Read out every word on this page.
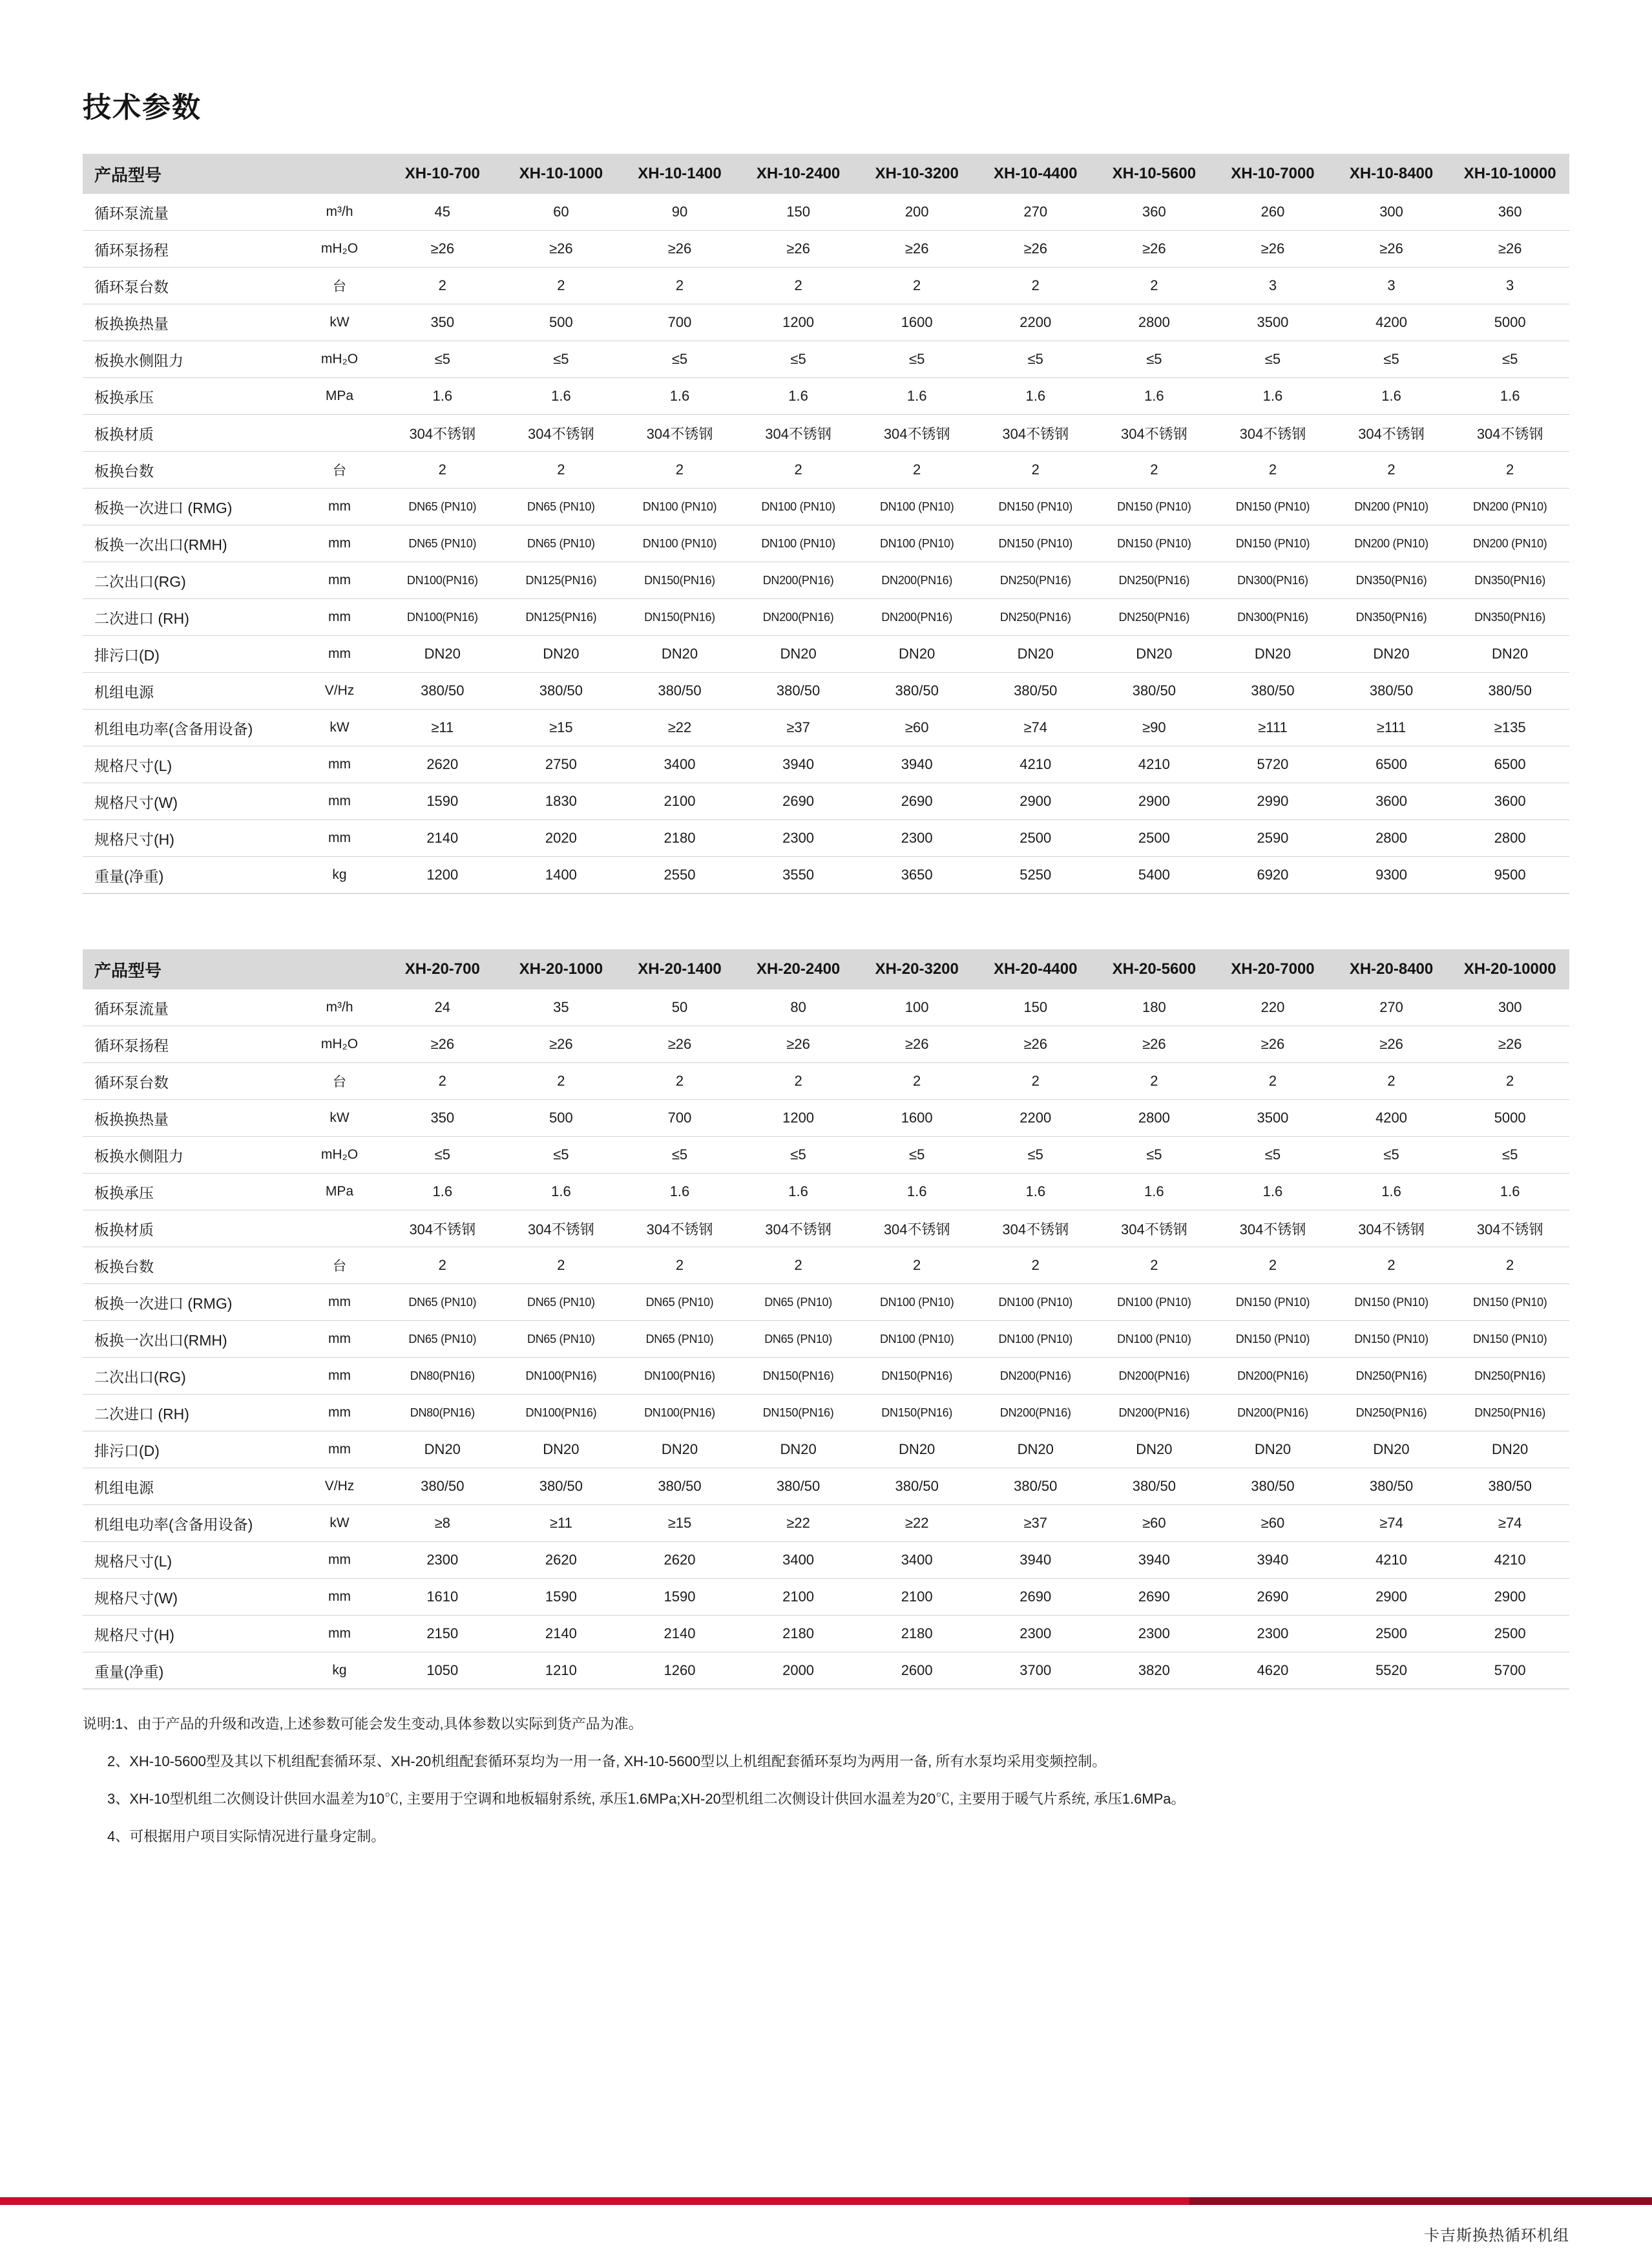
技术参数
产品型号		XH-10-700	XH-10-1000	XH-10-1400	XH-10-2400	XH-10-3200	XH-10-4400	XH-10-5600	XH-10-7000	XH-10-8400	XH-10-10000
循环泵流量	m³/h	45	60	90	150	200	270	360	260	300	360
循环泵扬程	mH₂O	≥26	≥26	≥26	≥26	≥26	≥26	≥26	≥26	≥26	≥26
循环泵台数	台	2	2	2	2	2	2	2	3	3	3
板换换热量	kW	350	500	700	1200	1600	2200	2800	3500	4200	5000
板换水侧阻力	mH₂O	≤5	≤5	≤5	≤5	≤5	≤5	≤5	≤5	≤5	≤5
板换承压	MPa	1.6	1.6	1.6	1.6	1.6	1.6	1.6	1.6	1.6	1.6
板换材质		304不锈钢	304不锈钢	304不锈钢	304不锈钢	304不锈钢	304不锈钢	304不锈钢	304不锈钢	304不锈钢	304不锈钢
板换台数	台	2	2	2	2	2	2	2	2	2	2
板换一次进口 (RMG)	mm	DN65 (PN10)	DN65 (PN10)	DN100 (PN10)	DN100 (PN10)	DN100 (PN10)	DN150 (PN10)	DN150 (PN10)	DN150 (PN10)	DN200 (PN10)	DN200 (PN10)
板换一次出口(RMH)	mm	DN65 (PN10)	DN65 (PN10)	DN100 (PN10)	DN100 (PN10)	DN100 (PN10)	DN150 (PN10)	DN150 (PN10)	DN150 (PN10)	DN200 (PN10)	DN200 (PN10)
二次出口(RG)	mm	DN100(PN16)	DN125(PN16)	DN150(PN16)	DN200(PN16)	DN200(PN16)	DN250(PN16)	DN250(PN16)	DN300(PN16)	DN350(PN16)	DN350(PN16)
二次进口 (RH)	mm	DN100(PN16)	DN125(PN16)	DN150(PN16)	DN200(PN16)	DN200(PN16)	DN250(PN16)	DN250(PN16)	DN300(PN16)	DN350(PN16)	DN350(PN16)
排污口(D)	mm	DN20	DN20	DN20	DN20	DN20	DN20	DN20	DN20	DN20	DN20
机组电源	V/Hz	380/50	380/50	380/50	380/50	380/50	380/50	380/50	380/50	380/50	380/50
机组电功率(含备用设备)	kW	≥11	≥15	≥22	≥37	≥60	≥74	≥90	≥111	≥111	≥135
规格尺寸(L)	mm	2620	2750	3400	3940	3940	4210	4210	5720	6500	6500
规格尺寸(W)	mm	1590	1830	2100	2690	2690	2900	2900	2990	3600	3600
规格尺寸(H)	mm	2140	2020	2180	2300	2300	2500	2500	2590	2800	2800
重量(净重)	kg	1200	1400	2550	3550	3650	5250	5400	6920	9300	9500
产品型号		XH-20-700	XH-20-1000	XH-20-1400	XH-20-2400	XH-20-3200	XH-20-4400	XH-20-5600	XH-20-7000	XH-20-8400	XH-20-10000
循环泵流量	m³/h	24	35	50	80	100	150	180	220	270	300
循环泵扬程	mH₂O	≥26	≥26	≥26	≥26	≥26	≥26	≥26	≥26	≥26	≥26
循环泵台数	台	2	2	2	2	2	2	2	2	2	2
板换换热量	kW	350	500	700	1200	1600	2200	2800	3500	4200	5000
板换水侧阻力	mH₂O	≤5	≤5	≤5	≤5	≤5	≤5	≤5	≤5	≤5	≤5
板换承压	MPa	1.6	1.6	1.6	1.6	1.6	1.6	1.6	1.6	1.6	1.6
板换材质		304不锈钢	304不锈钢	304不锈钢	304不锈钢	304不锈钢	304不锈钢	304不锈钢	304不锈钢	304不锈钢	304不锈钢
板换台数	台	2	2	2	2	2	2	2	2	2	2
板换一次进口 (RMG)	mm	DN65 (PN10)	DN65 (PN10)	DN65 (PN10)	DN65 (PN10)	DN100 (PN10)	DN100 (PN10)	DN100 (PN10)	DN150 (PN10)	DN150 (PN10)	DN150 (PN10)
板换一次出口(RMH)	mm	DN65 (PN10)	DN65 (PN10)	DN65 (PN10)	DN65 (PN10)	DN100 (PN10)	DN100 (PN10)	DN100 (PN10)	DN150 (PN10)	DN150 (PN10)	DN150 (PN10)
二次出口(RG)	mm	DN80(PN16)	DN100(PN16)	DN100(PN16)	DN150(PN16)	DN150(PN16)	DN200(PN16)	DN200(PN16)	DN200(PN16)	DN250(PN16)	DN250(PN16)
二次进口 (RH)	mm	DN80(PN16)	DN100(PN16)	DN100(PN16)	DN150(PN16)	DN150(PN16)	DN200(PN16)	DN200(PN16)	DN200(PN16)	DN250(PN16)	DN250(PN16)
排污口(D)	mm	DN20	DN20	DN20	DN20	DN20	DN20	DN20	DN20	DN20	DN20
机组电源	V/Hz	380/50	380/50	380/50	380/50	380/50	380/50	380/50	380/50	380/50	380/50
机组电功率(含备用设备)	kW	≥8	≥11	≥15	≥22	≥22	≥37	≥60	≥60	≥74	≥74
规格尺寸(L)	mm	2300	2620	2620	3400	3400	3940	3940	3940	4210	4210
规格尺寸(W)	mm	1610	1590	1590	2100	2100	2690	2690	2690	2900	2900
规格尺寸(H)	mm	2150	2140	2140	2180	2180	2300	2300	2300	2500	2500
重量(净重)	kg	1050	1210	1260	2000	2600	3700	3820	4620	5520	5700
说明:1、由于产品的升级和改造,上述参数可能会发生变动,具体参数以实际到货产品为准。
2、XH-10-5600型及其以下机组配套循环泵、XH-20机组配套循环泵均为一用一备, XH-10-5600型以上机组配套循环泵均为两用一备, 所有水泵均采用变频控制。
3、XH-10型机组二次侧设计供回水温差为10℃, 主要用于空调和地板辐射系统, 承压1.6MPa;XH-20型机组二次侧设计供回水温差为20℃, 主要用于暖气片系统, 承压1.6MPa。
4、可根据用户项目实际情况进行量身定制。
卡吉斯换热循环机组
